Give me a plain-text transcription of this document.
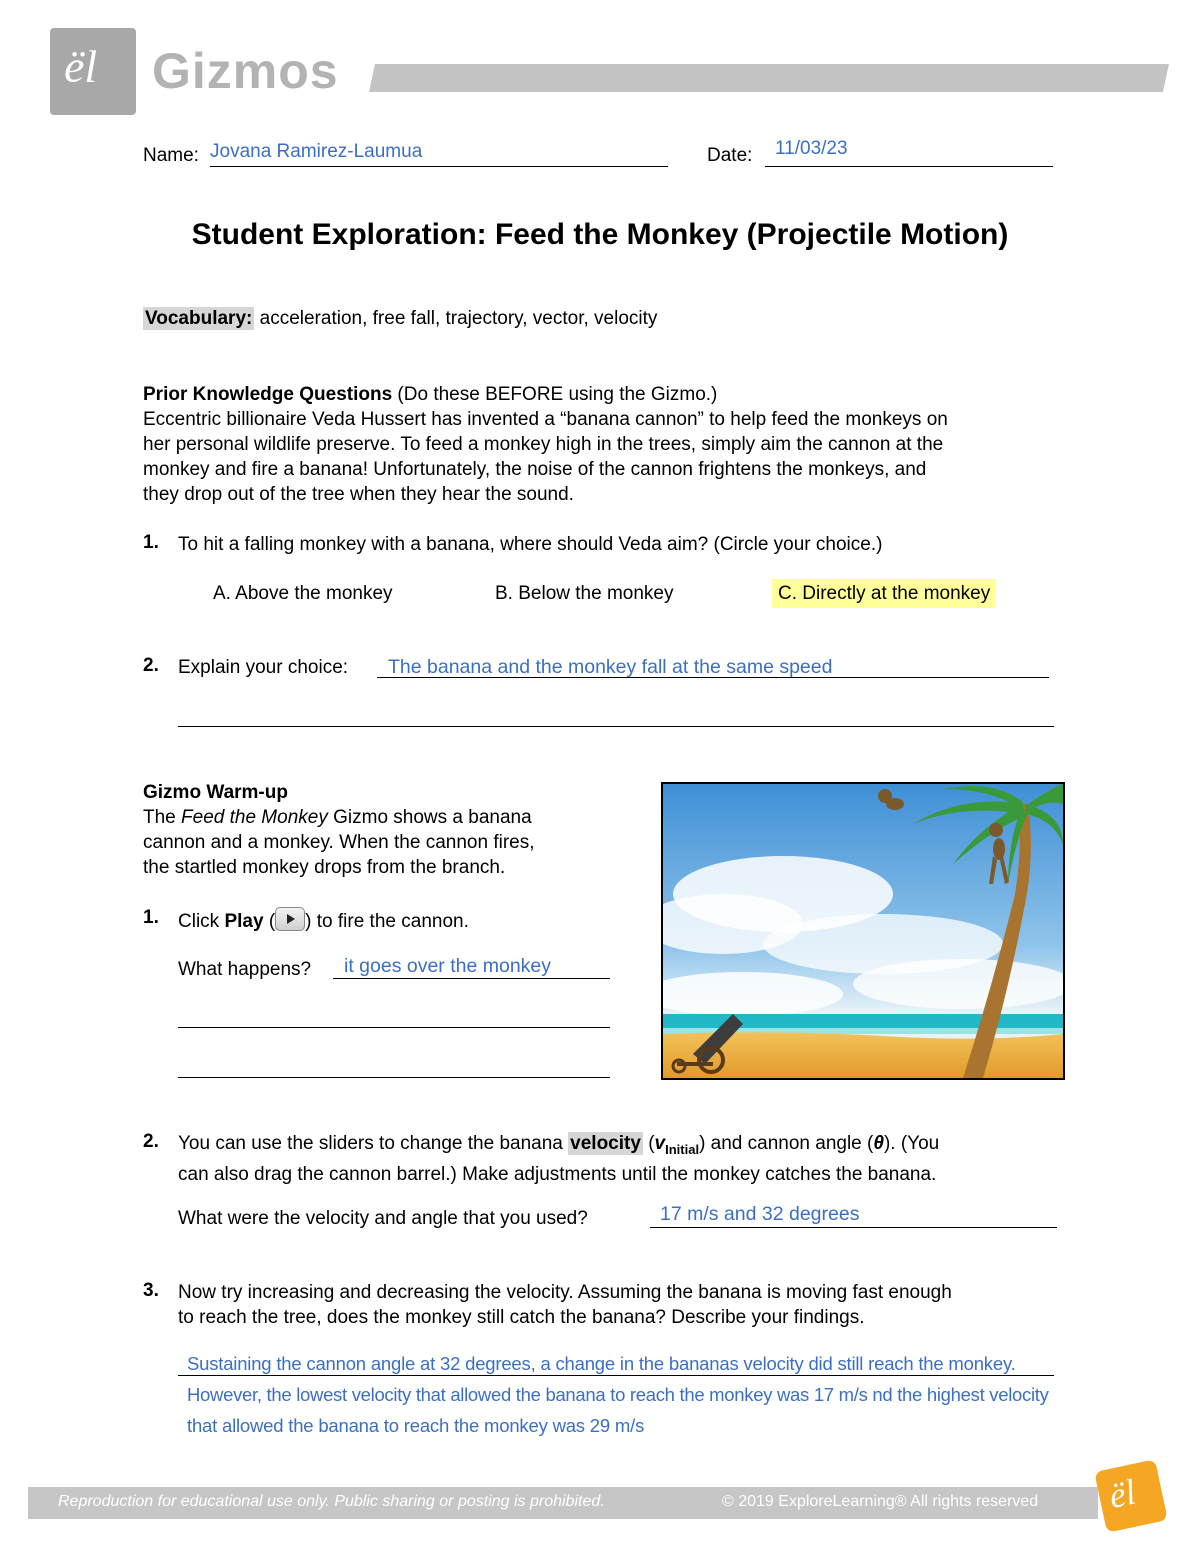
ël Gizmos
Name: Jovana Ramirez-Laumua	Date: 11/03/23
Student Exploration: Feed the Monkey (Projectile Motion)
Vocabulary: acceleration, free fall, trajectory, vector, velocity
Prior Knowledge Questions (Do these BEFORE using the Gizmo.)
Eccentric billionaire Veda Hussert has invented a “banana cannon” to help feed the monkeys on
her personal wildlife preserve. To feed a monkey high in the trees, simply aim the cannon at the
monkey and fire a banana! Unfortunately, the noise of the cannon frightens the monkeys, and
they drop out of the tree when they hear the sound.
1. To hit a falling monkey with a banana, where should Veda aim? (Circle your choice.)
A. Above the monkey	B. Below the monkey	C. Directly at the monkey
2. Explain your choice: The banana and the monkey fall at the same speed
Gizmo Warm-up
The Feed the Monkey Gizmo shows a banana
cannon and a monkey. When the cannon fires,
the startled monkey drops from the branch.
1. Click Play ( ) to fire the cannon.
What happens? it goes over the monkey
2. You can use the sliders to change the banana velocity $(v_{Initial})$ and cannon angle (θ). (You
can also drag the cannon barrel.) Make adjustments until the monkey catches the banana.
What were the velocity and angle that you used?	17 m/s and 32 degrees
3. Now try increasing and decreasing the velocity. Assuming the banana is moving fast enough
to reach the tree, does the monkey still catch the banana? Describe your findings.
Sustaining the cannon angle at 32 degrees, a change in the bananas velocity did still reach the monkey.
However, the lowest velocity that allowed the banana to reach the monkey was 17 m/s nd the highest velocity
that allowed the banana to reach the monkey was 29 m/s
Reproduction for educational use only. Public sharing or posting is prohibited.	© 2019 ExploreLearning® All rights reserved ël
